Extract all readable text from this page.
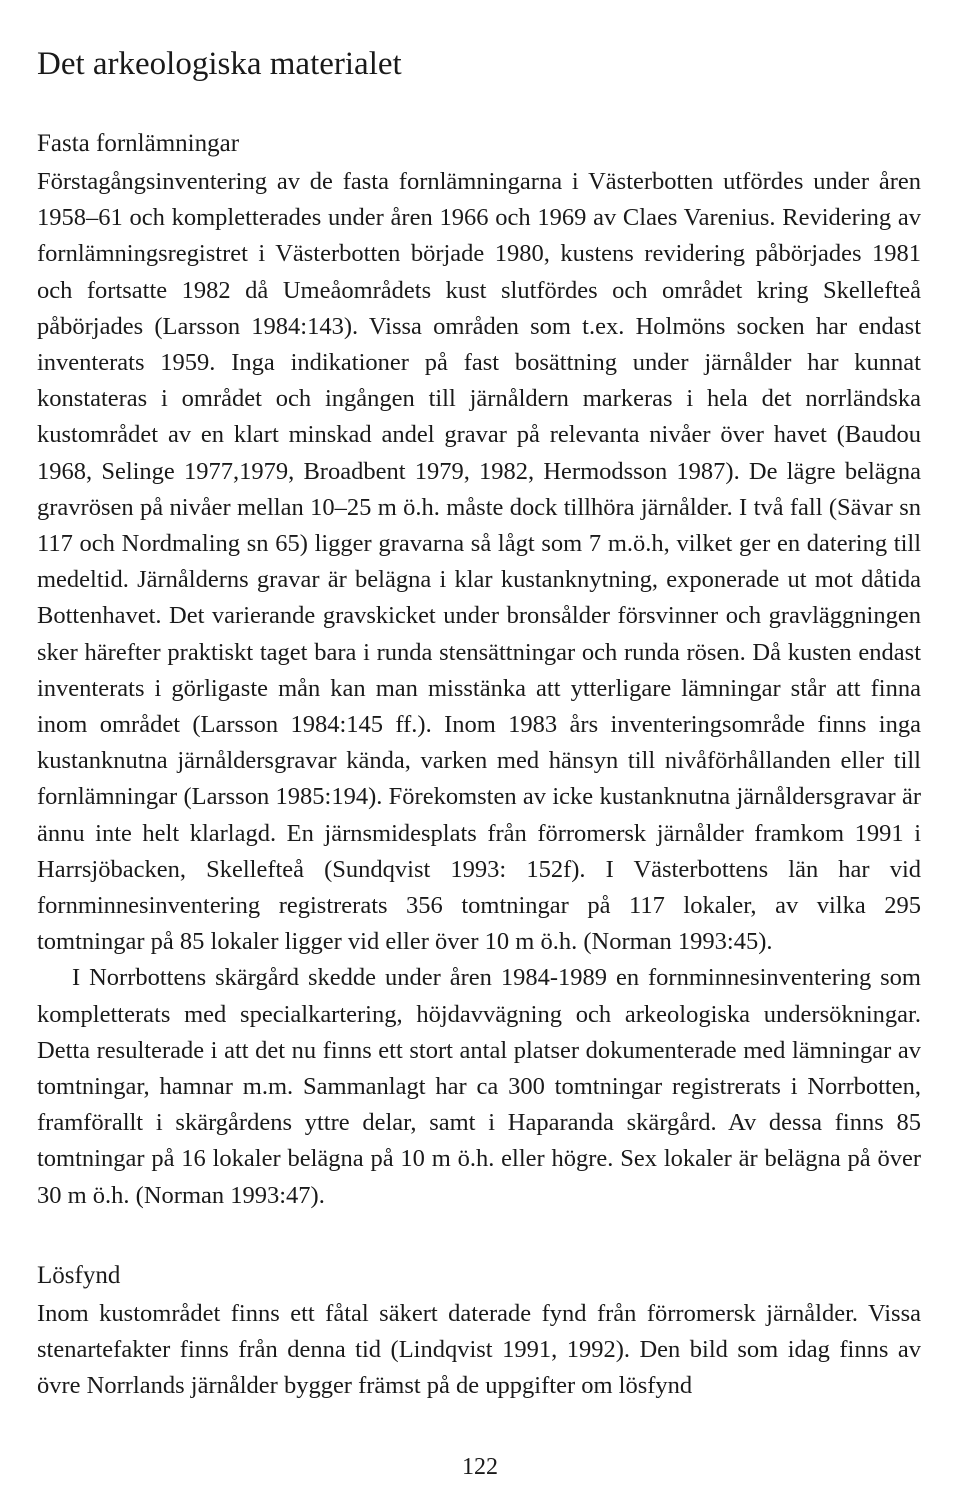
Det arkeologiska materialet
Fasta fornlämningar

Förstagångsinventering av de fasta fornlämningarna i Västerbotten utfördes under åren 1958–61 och kompletterades under åren 1966 och 1969 av Claes Varenius. Revidering av fornlämningsregistret i Västerbotten började 1980, kustens revidering påbörjades 1981 och fortsatte 1982 då Umeåområdets kust slutfördes och området kring Skellefteå påbörjades (Larsson 1984:143). Vissa områden som t.ex. Holmöns socken har endast inventerats 1959. Inga indikationer på fast bosättning under järnålder har kunnat konstateras i området och ingången till järnåldern markeras i hela det norrländska kustområdet av en klart minskad andel gravar på relevanta nivåer över havet (Baudou 1968, Selinge 1977,1979, Broadbent 1979, 1982, Hermodsson 1987). De lägre belägna gravrösen på nivåer mellan 10–25 m ö.h. måste dock tillhöra järnålder. I två fall (Sävar sn 117 och Nordmaling sn 65) ligger gravarna så lågt som 7 m.ö.h, vilket ger en datering till medeltid. Järnålderns gravar är belägna i klar kustanknytning, exponerade ut mot dåtida Bottenhavet. Det varierande gravskicket under bronsålder försvinner och gravläggningen sker härefter praktiskt taget bara i runda stensättningar och runda rösen. Då kusten endast inventerats i görligaste mån kan man misstänka att ytterligare lämningar står att finna inom området (Larsson 1984:145 ff.). Inom 1983 års inventeringsområde finns inga kustanknutna järnåldersgravar kända, varken med hänsyn till nivåförhållanden eller till fornlämningar (Larsson 1985:194). Förekomsten av icke kustanknutna järnåldersgravar är ännu inte helt klarlagd. En järnsmidesplats från förromersk järnålder framkom 1991 i Harrsjöbacken, Skellefteå (Sundqvist 1993: 152f). I Västerbottens län har vid fornminnesinventering registrerats 356 tomtningar på 117 lokaler, av vilka 295 tomtningar på 85 lokaler ligger vid eller över 10 m ö.h. (Norman 1993:45).

I Norrbottens skärgård skedde under åren 1984-1989 en fornminnesinventering som kompletterats med specialkartering, höjdavvägning och arkeologiska undersökningar. Detta resulterade i att det nu finns ett stort antal platser dokumenterade med lämningar av tomtningar, hamnar m.m. Sammanlagt har ca 300 tomtningar registrerats i Norrbotten, framförallt i skärgårdens yttre delar, samt i Haparanda skärgård. Av dessa finns 85 tomtningar på 16 lokaler belägna på 10 m ö.h. eller högre. Sex lokaler är belägna på över 30 m ö.h. (Norman 1993:47).

Lösfynd

Inom kustområdet finns ett fåtal säkert daterade fynd från förromersk järnålder. Vissa stenartefakter finns från denna tid (Lindqvist 1991, 1992). Den bild som idag finns av övre Norrlands järnålder bygger främst på de uppgifter om lösfynd

122
